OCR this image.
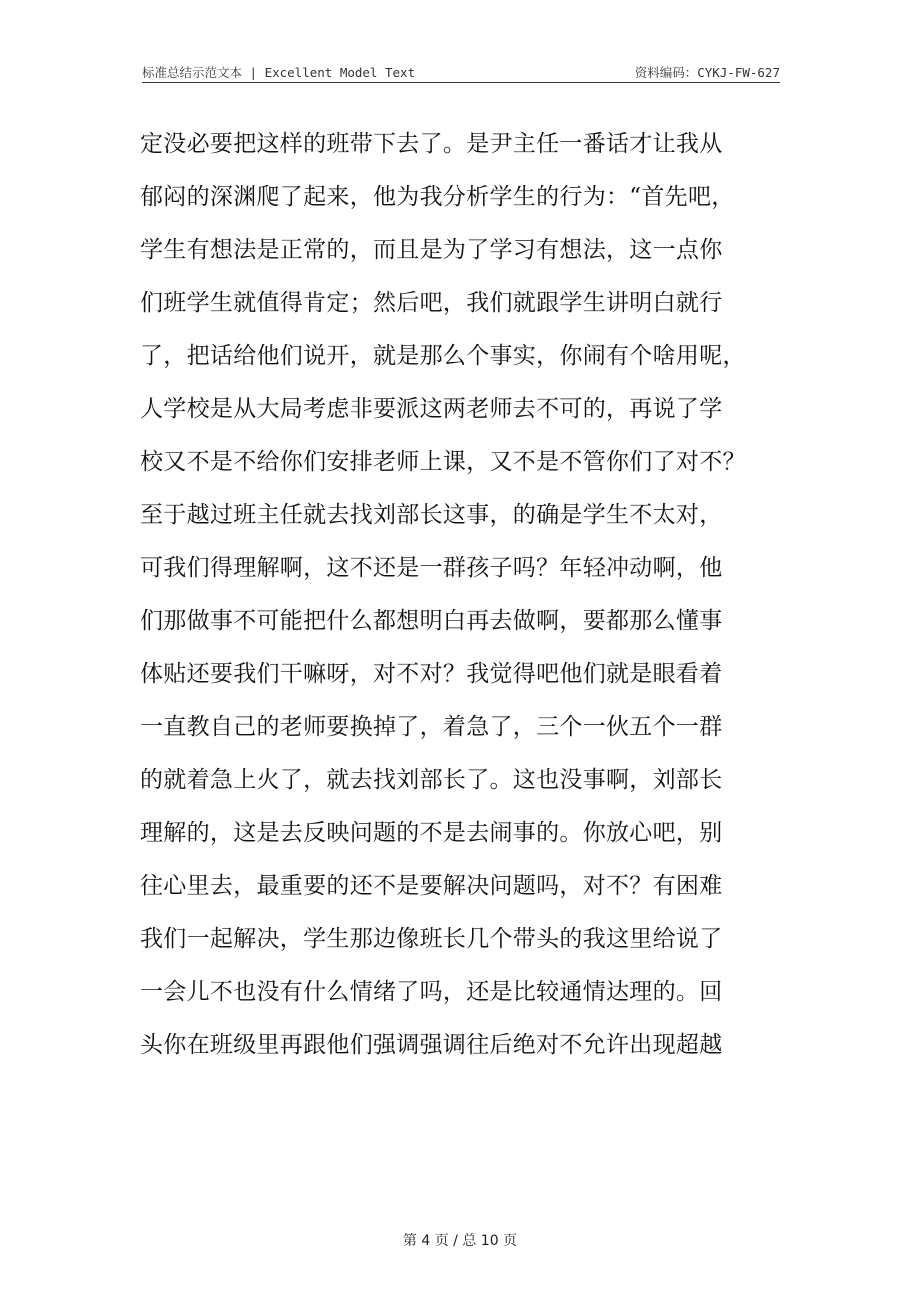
标准总结示范文本 | Excellent Model Text	资料编码：CYKJ-FW-627
定没必要把这样的班带下去了。是尹主任一番话才让我从
郁闷的深渊爬了起来，他为我分析学生的行为：“首先吧，
学生有想法是正常的，而且是为了学习有想法，这一点你
们班学生就值得肯定；然后吧，我们就跟学生讲明白就行
了，把话给他们说开，就是那么个事实，你闹有个啥用呢，
人学校是从大局考虑非要派这两老师去不可的，再说了学
校又不是不给你们安排老师上课，又不是不管你们了对不？
至于越过班主任就去找刘部长这事，的确是学生不太对，
可我们得理解啊，这不还是一群孩子吗？年轻冲动啊，他
们那做事不可能把什么都想明白再去做啊，要都那么懂事
体贴还要我们干嘛呀，对不对？我觉得吧他们就是眼看着
一直教自己的老师要换掉了，着急了，三个一伙五个一群
的就着急上火了，就去找刘部长了。这也没事啊，刘部长
理解的，这是去反映问题的不是去闹事的。你放心吧，别
往心里去，最重要的还不是要解决问题吗，对不？有困难
我们一起解决，学生那边像班长几个带头的我这里给说了
一会儿不也没有什么情绪了吗，还是比较通情达理的。回
头你在班级里再跟他们强调强调往后绝对不允许出现超越
第 4 页 / 总 10 页
